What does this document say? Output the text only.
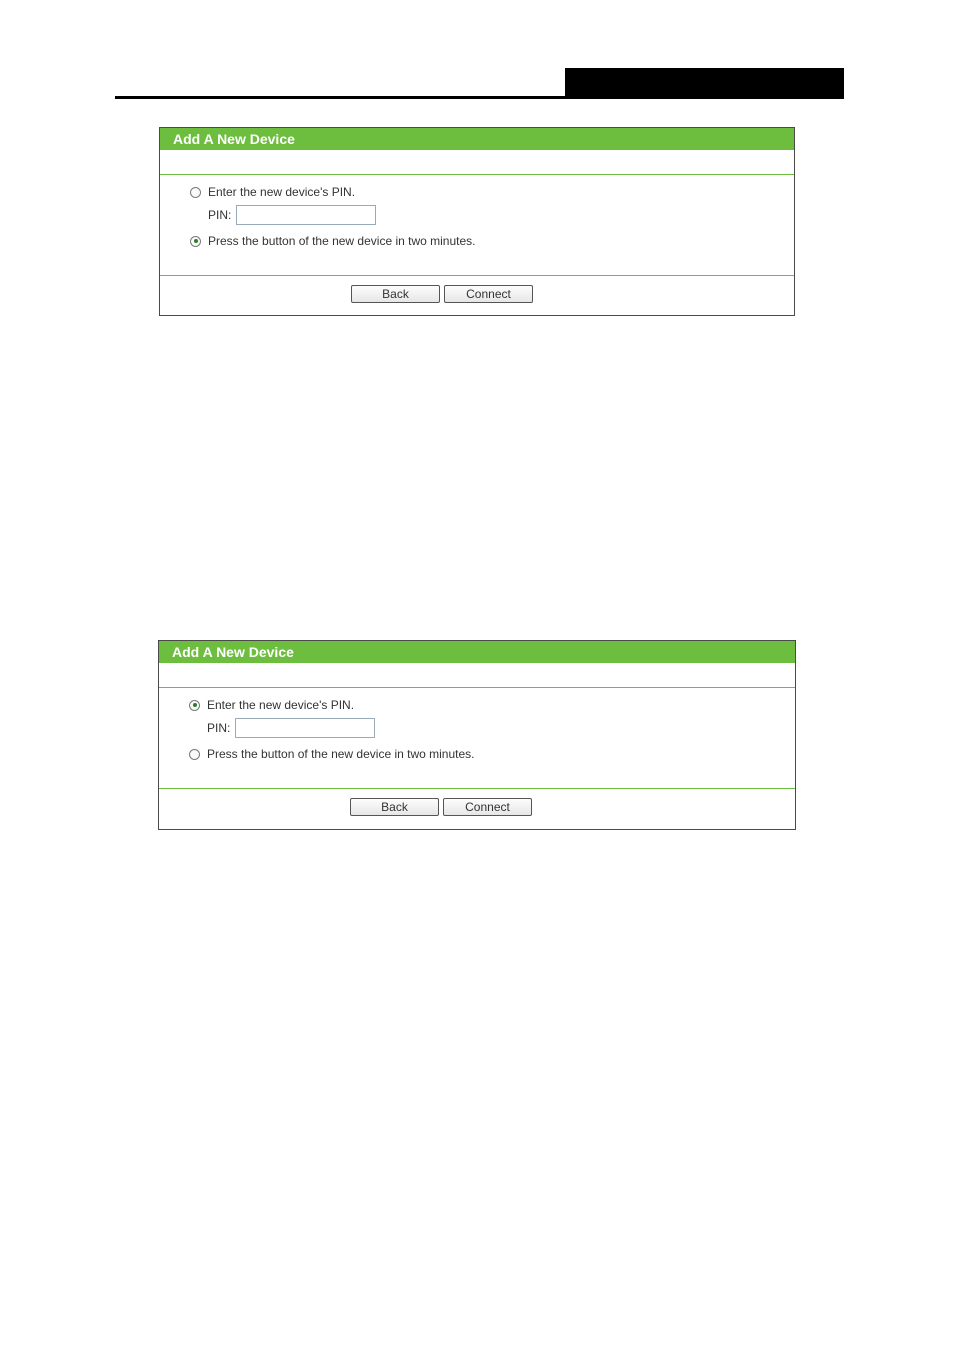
Add A New Device
Enter the new device's PIN.
PIN:
Press the button of the new device in two minutes.
Back	Connect
Add A New Device
Enter the new device's PIN.
PIN:
Press the button of the new device in two minutes.
Back	Connect
